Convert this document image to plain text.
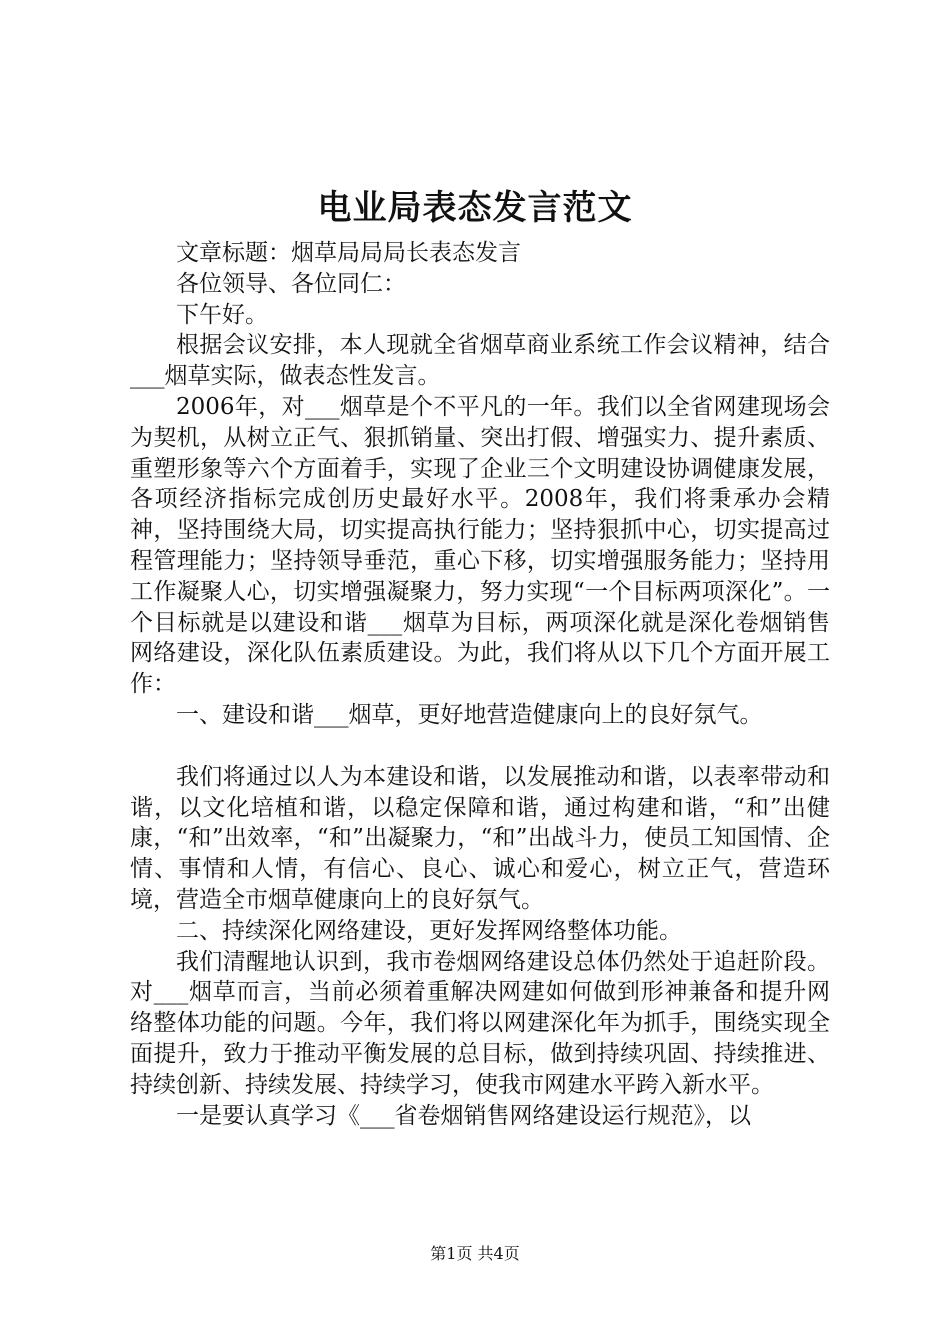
电业局表态发言范文

文章标题：烟草局局局长表态发言

各位领导、各位同仁：

下午好。

根据会议安排，本人现就全省烟草商业系统工作会议精神，结合___烟草实际，做表态性发言。

2006年，对___烟草是个不平凡的一年。我们以全省网建现场会为契机，从树立正气、狠抓销量、突出打假、增强实力、提升素质、重塑形象等六个方面着手，实现了企业三个文明建设协调健康发展，各项经济指标完成创历史最好水平。2008年，我们将秉承办会精神，坚持围绕大局，切实提高执行能力；坚持狠抓中心，切实提高过程管理能力；坚持领导垂范，重心下移，切实增强服务能力；坚持用工作凝聚人心，切实增强凝聚力，努力实现“一个目标两项深化”。一个目标就是以建设和谐___烟草为目标，两项深化就是深化卷烟销售网络建设，深化队伍素质建设。为此，我们将从以下几个方面开展工作：

一、建设和谐___烟草，更好地营造健康向上的良好氛气。

我们将通过以人为本建设和谐，以发展推动和谐，以表率带动和谐，以文化培植和谐，以稳定保障和谐，通过构建和谐，“和”出健康，“和”出效率，“和”出凝聚力，“和”出战斗力，使员工知国情、企情、事情和人情，有信心、良心、诚心和爱心，树立正气，营造环境，营造全市烟草健康向上的良好氛气。

二、持续深化网络建设，更好发挥网络整体功能。

我们清醒地认识到，我市卷烟网络建设总体仍然处于追赶阶段。对___烟草而言，当前必须着重解决网建如何做到形神兼备和提升网络整体功能的问题。今年，我们将以网建深化年为抓手，围绕实现全面提升，致力于推动平衡发展的总目标，做到持续巩固、持续推进、持续创新、持续发展、持续学习，使我市网建水平跨入新水平。

一是要认真学习《___省卷烟销售网络建设运行规范》，以

第1页 共4页
